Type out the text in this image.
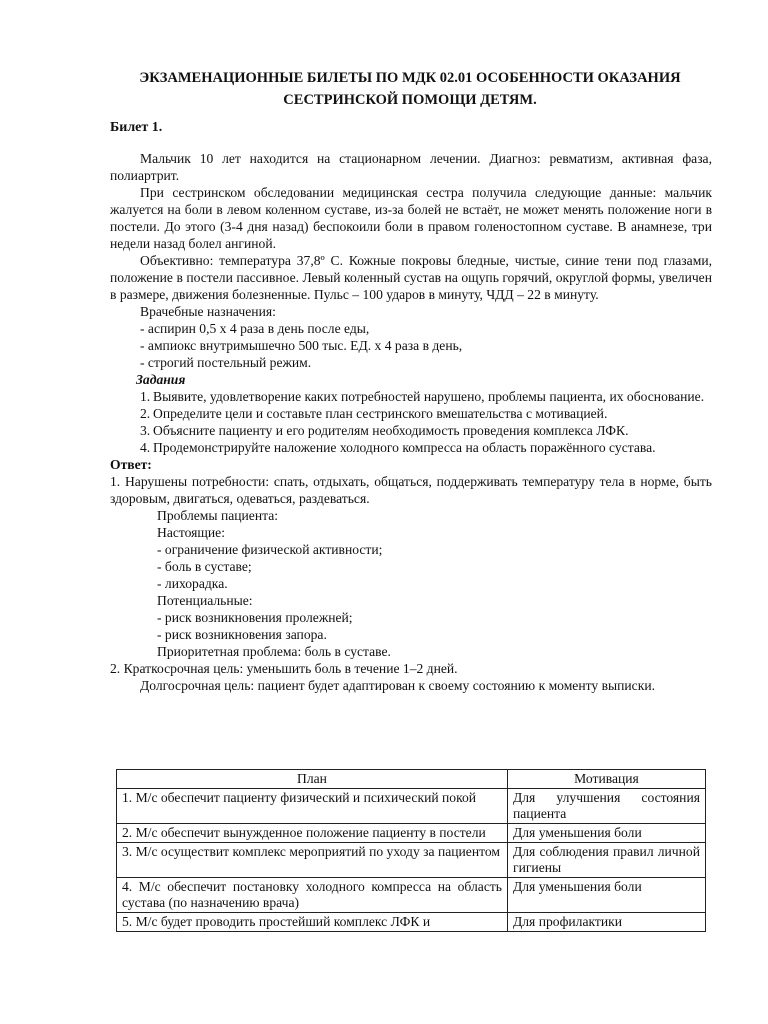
ЭКЗАМЕНАЦИОННЫЕ БИЛЕТЫ ПО МДК 02.01 ОСОБЕННОСТИ ОКАЗАНИЯ
СЕСТРИНСКОЙ ПОМОЩИ ДЕТЯМ.
Билет 1.
Мальчик 10 лет находится на стационарном лечении. Диагноз: ревматизм, активная фаза, полиартрит.
При сестринском обследовании медицинская сестра получила следующие данные: мальчик жалуется на боли в левом коленном суставе, из-за болей не встаёт, не может менять положение ноги в постели. До этого (3-4 дня назад) беспокоили боли в правом голеностопном суставе. В анамнезе, три недели назад болел ангиной.
Объективно: температура 37,8º С. Кожные покровы бледные, чистые, синие тени под глазами, положение в постели пассивное. Левый коленный сустав на ощупь горячий, округлой формы, увеличен в размере, движения болезненные. Пульс – 100 ударов в минуту, ЧДД – 22 в минуту.
Врачебные назначения:
- аспирин 0,5 х 4 раза в день после еды,
- ампиокс внутримышечно 500 тыс. ЕД. х 4 раза в день,
- строгий постельный режим.
Задания
1. Выявите, удовлетворение каких потребностей нарушено, проблемы пациента, их обоснование.
2. Определите цели и составьте план сестринского вмешательства с мотивацией.
3. Объясните пациенту и его родителям необходимость проведения комплекса ЛФК.
4. Продемонстрируйте наложение холодного компресса на область поражённого сустава.
Ответ:
1. Нарушены потребности: спать, отдыхать, общаться, поддерживать температуру тела в норме, быть здоровым, двигаться, одеваться, раздеваться.
Проблемы пациента:
Настоящие:
- ограничение физической активности;
- боль в суставе;
- лихорадка.
Потенциальные:
- риск возникновения пролежней;
- риск возникновения запора.
Приоритетная проблема: боль в суставе.
2. Краткосрочная цель: уменьшить боль в течение 1–2 дней.
Долгосрочная цель: пациент будет адаптирован к своему состоянию к моменту выписки.
План	Мотивация
1. М/с обеспечит пациенту физический и психический покой	Для улучшения состояния пациента
2. М/с обеспечит вынужденное положение пациенту в постели	Для уменьшения боли
3. М/с осуществит комплекс мероприятий по уходу за пациентом	Для соблюдения правил личной гигиены
4. М/с обеспечит постановку холодного компресса на область сустава (по назначению врача)	Для уменьшения боли
5. М/с будет проводить простейший комплекс ЛФК и	Для профилактики
